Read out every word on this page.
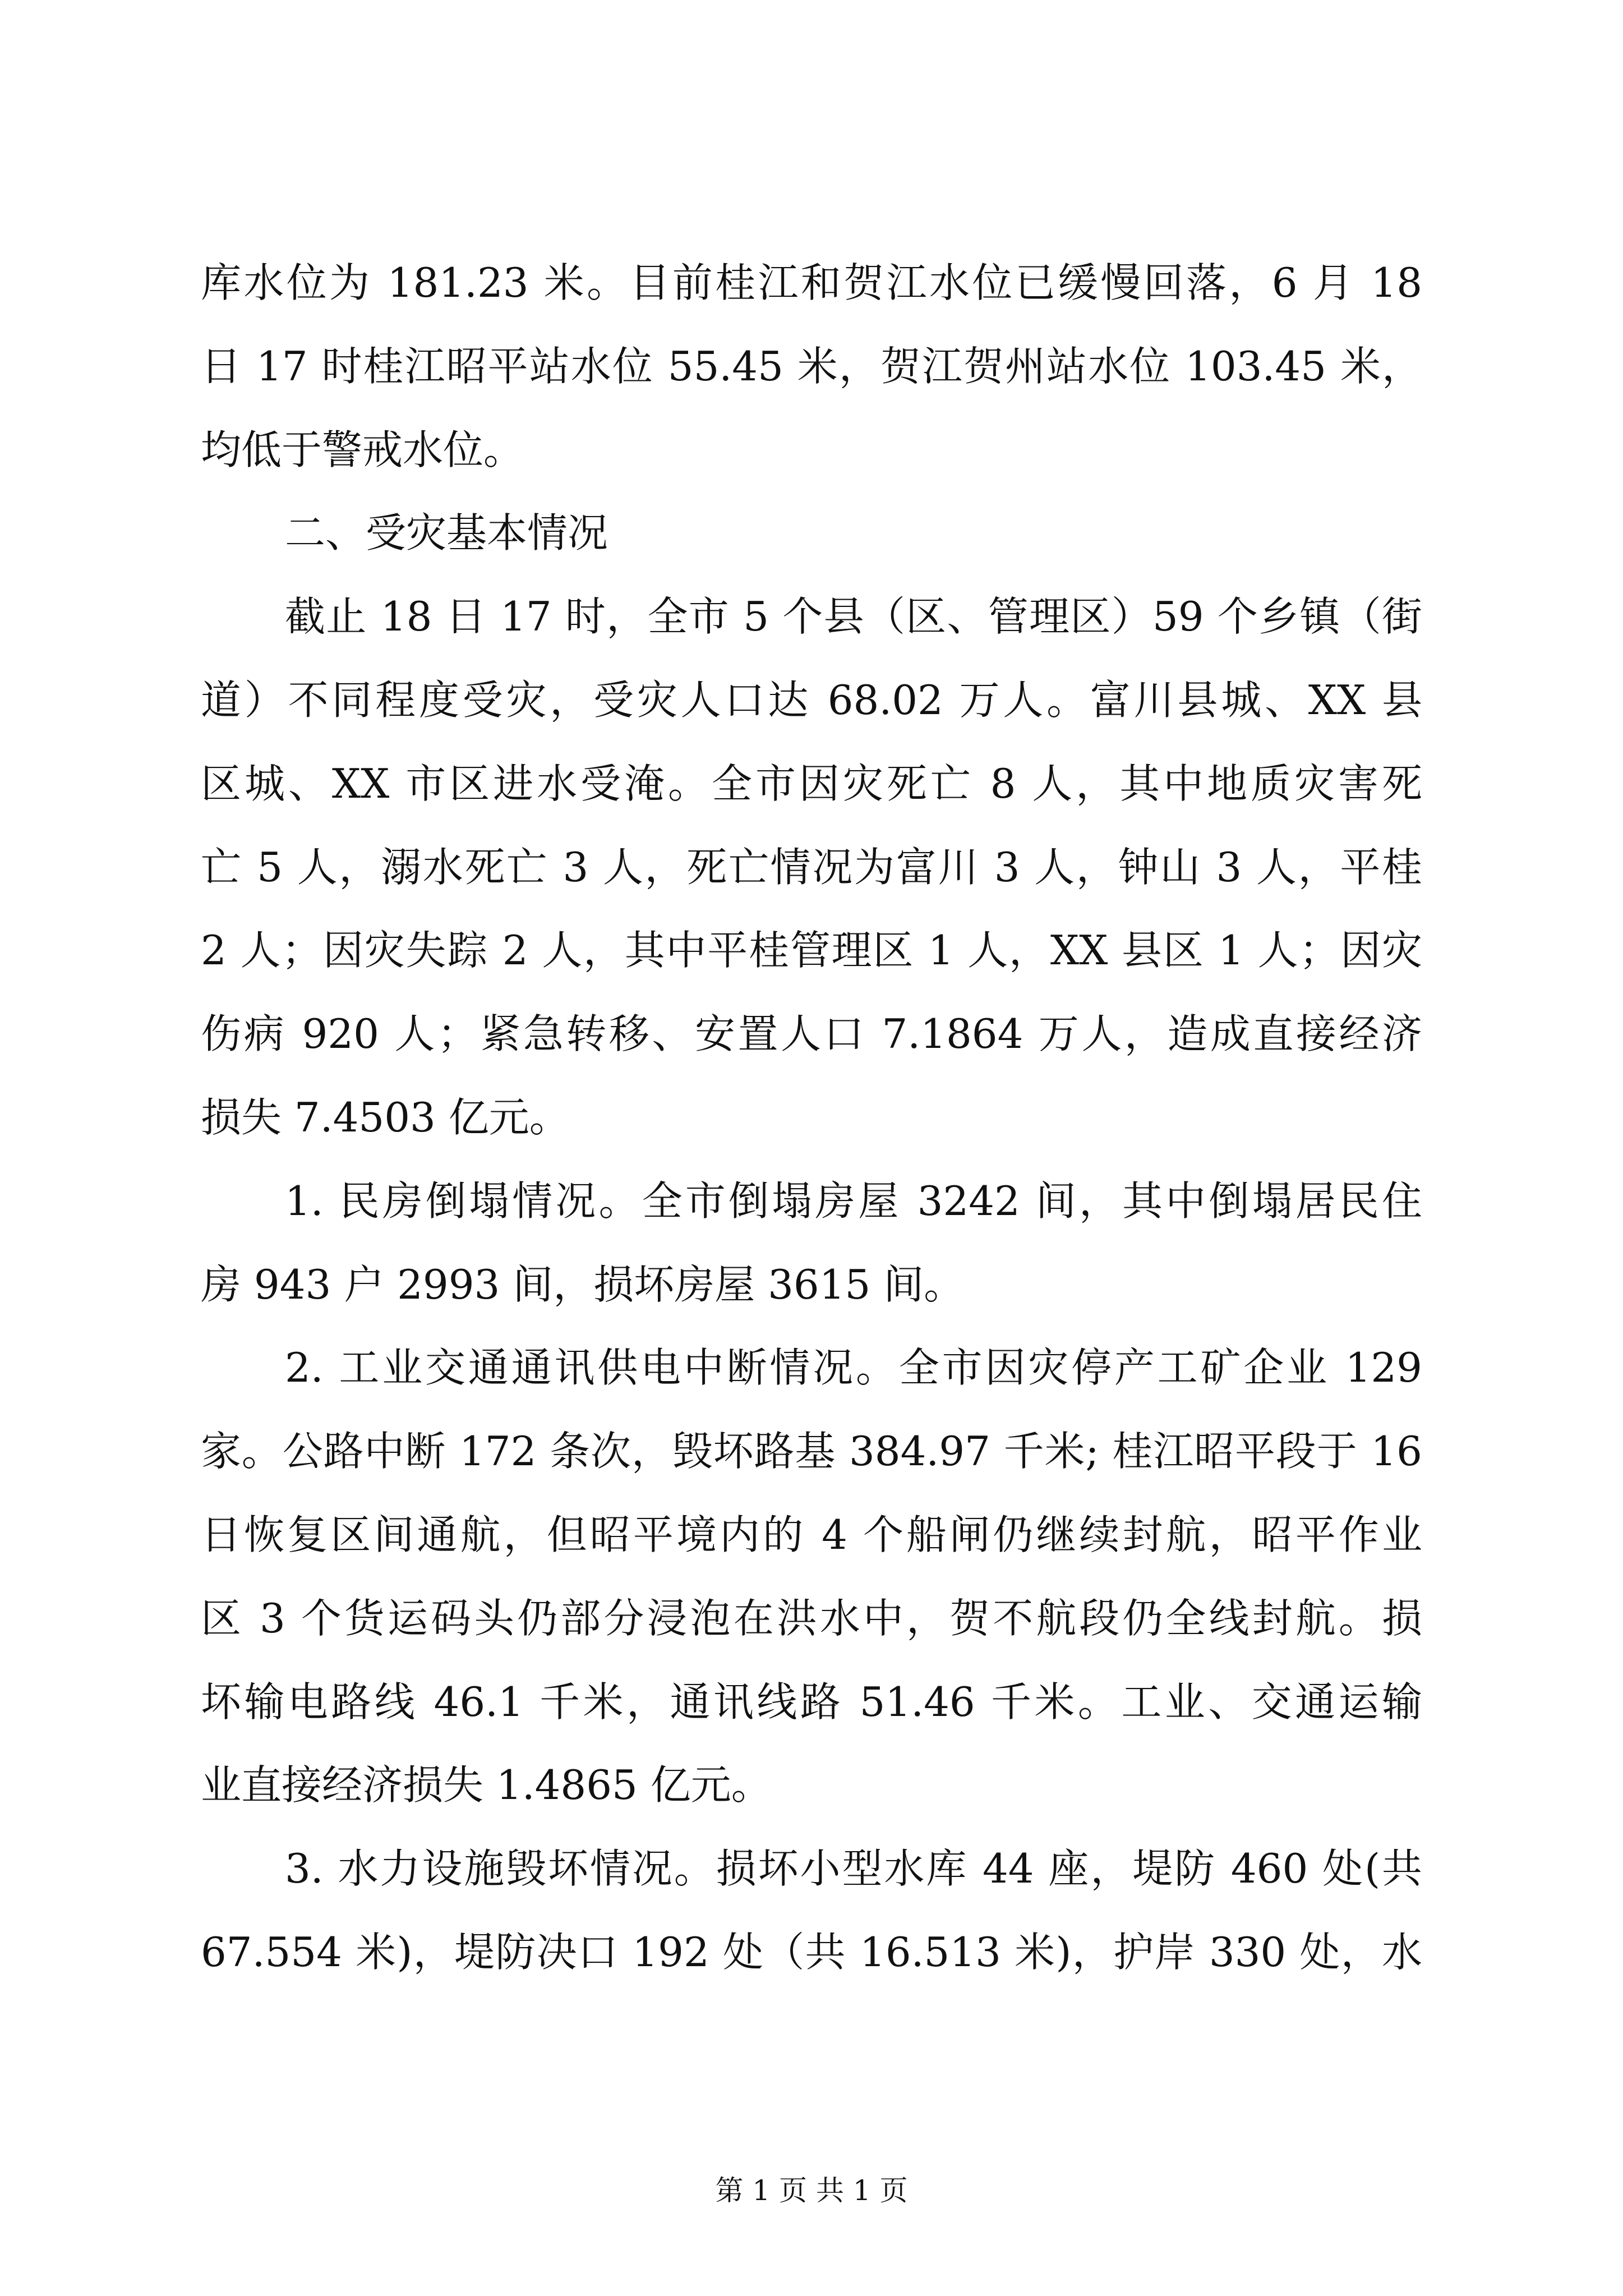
库水位为 181.23 米。目前桂江和贺江水位已缓慢回落，6 月 18
日 17 时桂江昭平站水位 55.45 米，贺江贺州站水位 103.45 米，
均低于警戒水位。
二、受灾基本情况
截止 18 日 17 时，全市 5 个县（区、管理区）59 个乡镇（街
道）不同程度受灾，受灾人口达 68.02 万人。富川县城、XX 县
区城、XX 市区进水受淹。全市因灾死亡 8 人，其中地质灾害死
亡 5 人，溺水死亡 3 人，死亡情况为富川 3 人，钟山 3 人，平桂
2 人；因灾失踪 2 人，其中平桂管理区 1 人，XX 县区 1 人；因灾
伤病 920 人；紧急转移、安置人口 7.1864 万人，造成直接经济
损失 7.4503 亿元。
1. 民房倒塌情况。全市倒塌房屋 3242 间，其中倒塌居民住
房 943 户 2993 间，损坏房屋 3615 间。
2. 工业交通通讯供电中断情况。全市因灾停产工矿企业 129
家。公路中断 172 条次，毁坏路基 384.97 千米; 桂江昭平段于 16
日恢复区间通航，但昭平境内的 4 个船闸仍继续封航，昭平作业
区 3 个货运码头仍部分浸泡在洪水中，贺不航段仍全线封航。损
坏输电路线 46.1 千米，通讯线路 51.46 千米。工业、交通运输
业直接经济损失 1.4865 亿元。
3. 水力设施毁坏情况。损坏小型水库 44 座，堤防 460 处(共
67.554 米)，堤防决口 192 处（共 16.513 米)，护岸 330 处，水
第 1 页 共 1 页
